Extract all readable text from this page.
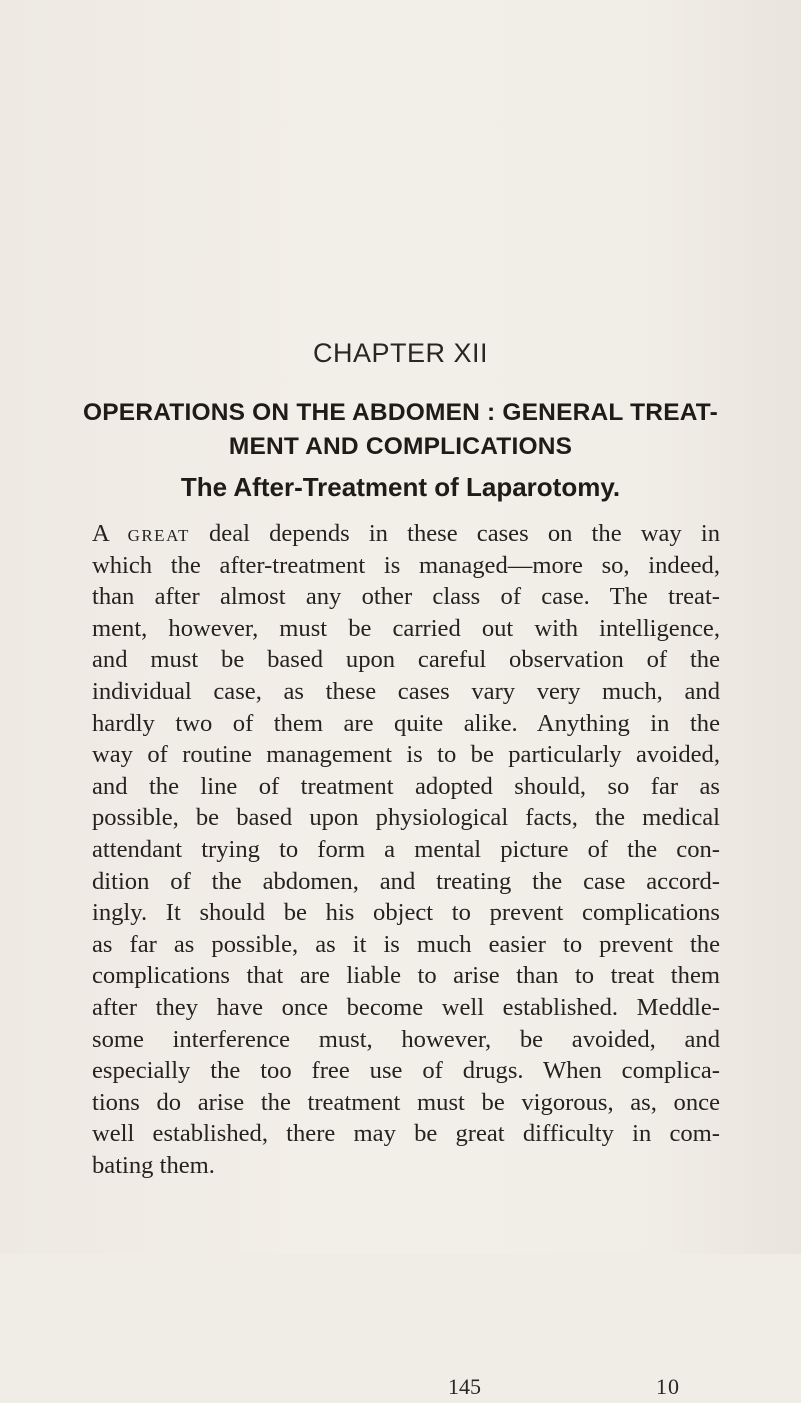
CHAPTER XII
OPERATIONS ON THE ABDOMEN : GENERAL TREAT-
MENT AND COMPLICATIONS
The After-Treatment of Laparotomy.
A GREAT deal depends in these cases on the way in
which the after-treatment is managed—more so, indeed,
than after almost any other class of case. The treat-
ment, however, must be carried out with intelligence,
and must be based upon careful observation of the
individual case, as these cases vary very much, and
hardly two of them are quite alike. Anything in the
way of routine management is to be particularly avoided,
and the line of treatment adopted should, so far as
possible, be based upon physiological facts, the medical
attendant trying to form a mental picture of the con-
dition of the abdomen, and treating the case accord-
ingly. It should be his object to prevent complications
as far as possible, as it is much easier to prevent the
complications that are liable to arise than to treat them
after they have once become well established. Meddle-
some interference must, however, be avoided, and
especially the too free use of drugs. When complica-
tions do arise the treatment must be vigorous, as, once
well established, there may be great difficulty in com-
bating them.
145	10
